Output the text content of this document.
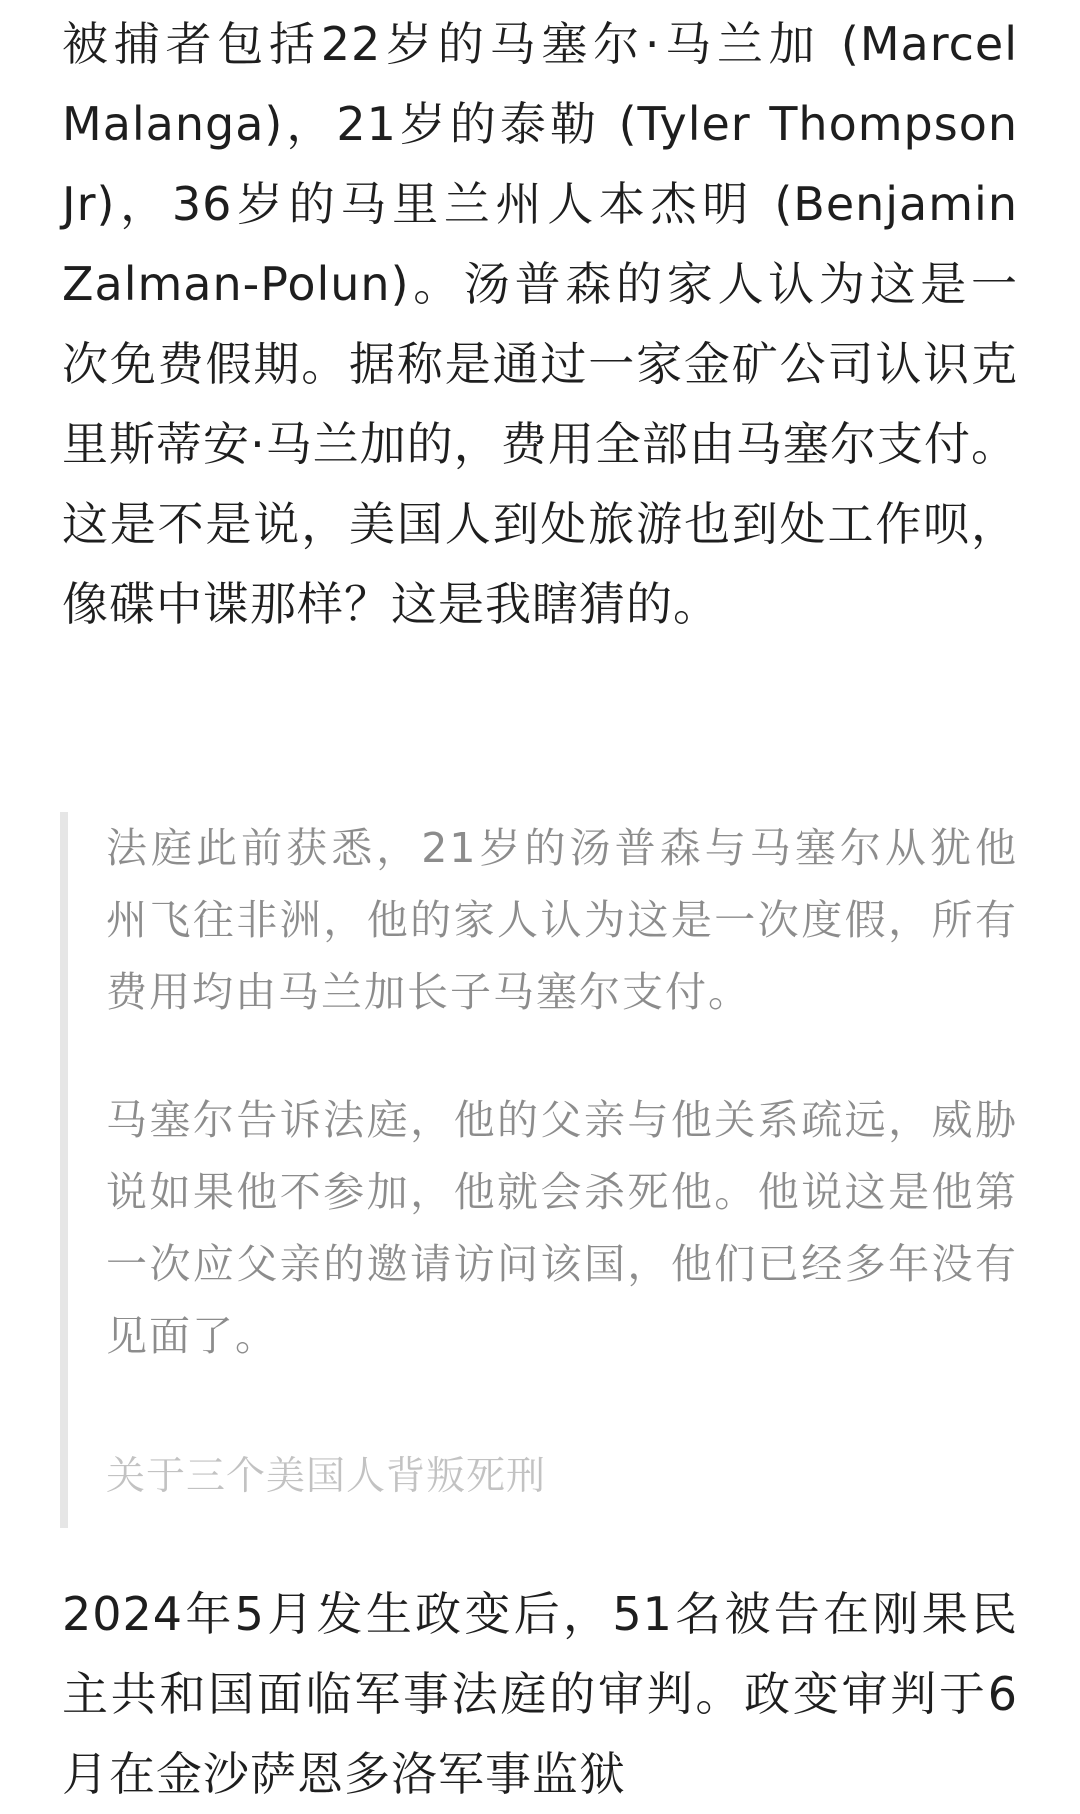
被捕者包括22岁的马塞尔·马兰加 (Marcel Malanga)，21岁的泰勒 (Tyler Thompson Jr)，36岁的马里兰州人本杰明 (Benjamin Zalman-Polun)。汤普森的家人认为这是一次免费假期。据称是通过一家金矿公司认识克里斯蒂安·马兰加的，费用全部由马塞尔支付。这是不是说，美国人到处旅游也到处工作呗，像碟中谍那样？这是我瞎猜的。

法庭此前获悉，21岁的汤普森与马塞尔从犹他州飞往非洲，他的家人认为这是一次度假，所有费用均由马兰加长子马塞尔支付。

马塞尔告诉法庭，他的父亲与他关系疏远，威胁说如果他不参加，他就会杀死他。他说这是他第一次应父亲的邀请访问该国，他们已经多年没有见面了。

关于三个美国人背叛死刑

2024年5月发生政变后，51名被告在刚果民主共和国面临军事法庭的审判。政变审判于6月在金沙萨恩多洛军事监狱
